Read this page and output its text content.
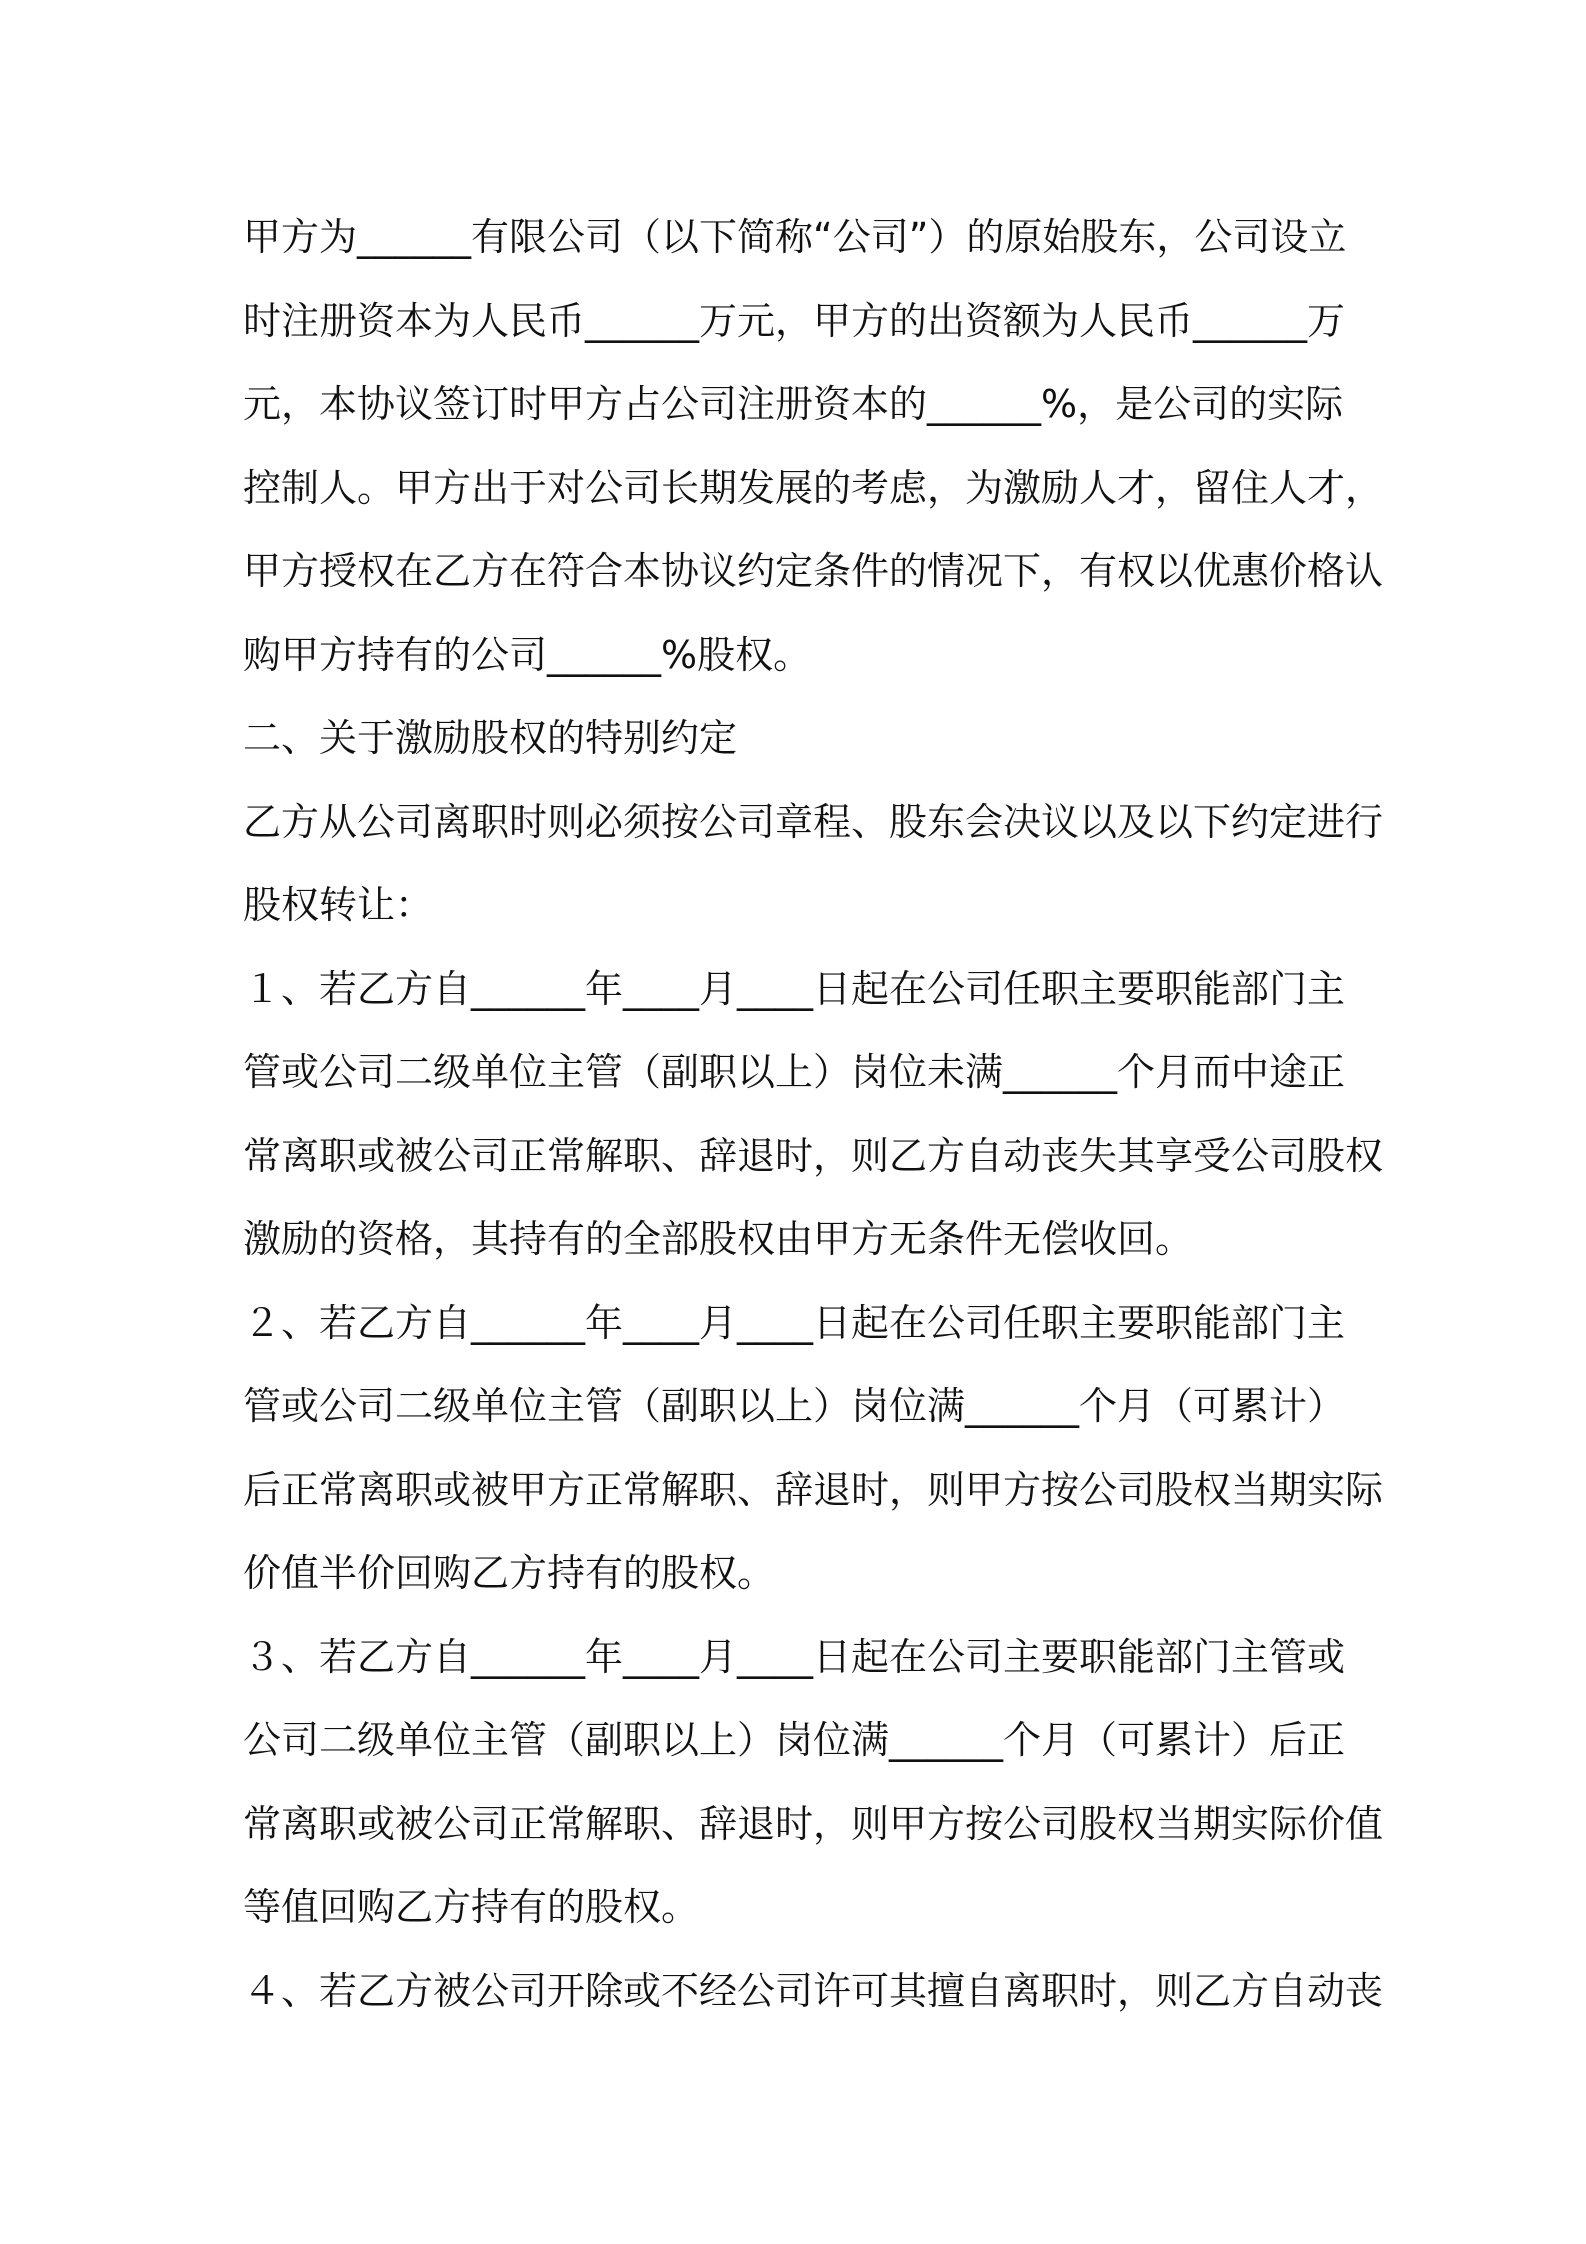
甲方为______有限公司（以下简称“公司”）的原始股东，公司设立
时注册资本为人民币______万元，甲方的出资额为人民币______万
元，本协议签订时甲方占公司注册资本的______%，是公司的实际
控制人。甲方出于对公司长期发展的考虑，为激励人才，留住人才，
甲方授权在乙方在符合本协议约定条件的情况下，有权以优惠价格认
购甲方持有的公司______%股权。
二、关于激励股权的特别约定
乙方从公司离职时则必须按公司章程、股东会决议以及以下约定进行
股权转让：
１、若乙方自______年____月____日起在公司任职主要职能部门主
管或公司二级单位主管（副职以上）岗位未满______个月而中途正
常离职或被公司正常解职、辞退时，则乙方自动丧失其享受公司股权
激励的资格，其持有的全部股权由甲方无条件无偿收回。
２、若乙方自______年____月____日起在公司任职主要职能部门主
管或公司二级单位主管（副职以上）岗位满______个月（可累计）
后正常离职或被甲方正常解职、辞退时，则甲方按公司股权当期实际
价值半价回购乙方持有的股权。
３、若乙方自______年____月____日起在公司主要职能部门主管或
公司二级单位主管（副职以上）岗位满______个月（可累计）后正
常离职或被公司正常解职、辞退时，则甲方按公司股权当期实际价值
等值回购乙方持有的股权。
４、若乙方被公司开除或不经公司许可其擅自离职时，则乙方自动丧
